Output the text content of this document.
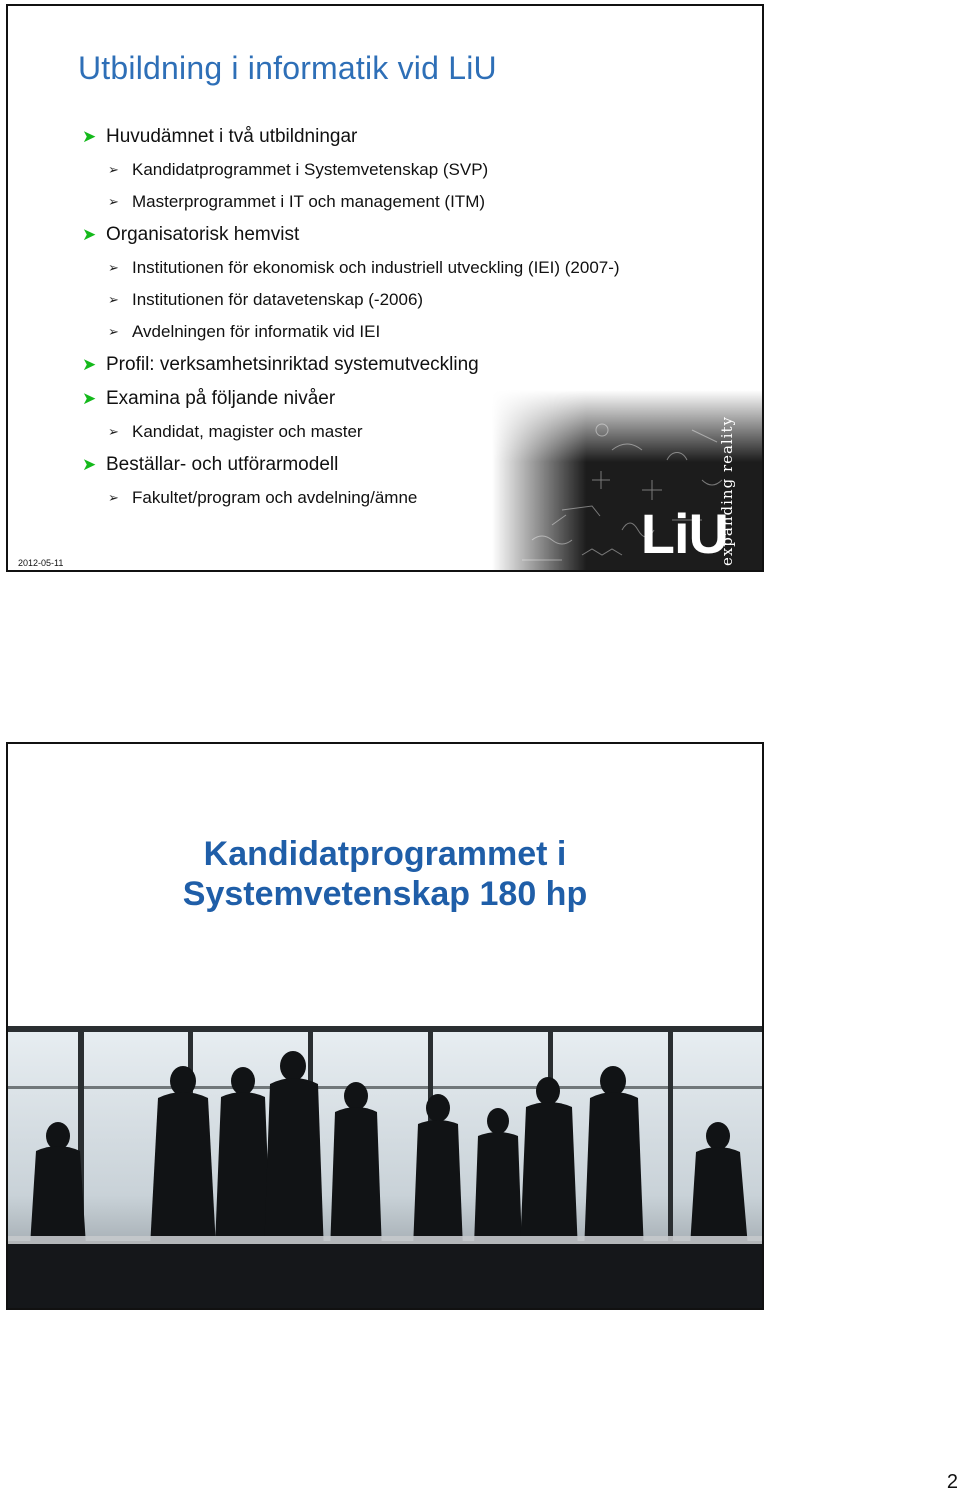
Utbildning i informatik vid LiU
➤ Huvudämnet i två utbildningar
➢ Kandidatprogrammet i Systemvetenskap (SVP)
➢ Masterprogrammet i IT och management (ITM)
➤ Organisatorisk hemvist
➢ Institutionen för ekonomisk och industriell utveckling (IEI) (2007-)
➢ Institutionen för datavetenskap (-2006)
➢ Avdelningen för informatik vid IEI
➤ Profil: verksamhetsinriktad systemutveckling
➤ Examina på följande nivåer
➢ Kandidat, magister och master
➤ Beställar- och utförarmodell
➢ Fakultet/program och avdelning/ämne
LiU
expanding reality
2012-05-11
Kandidatprogrammet i
Systemvetenskap 180 hp
2
